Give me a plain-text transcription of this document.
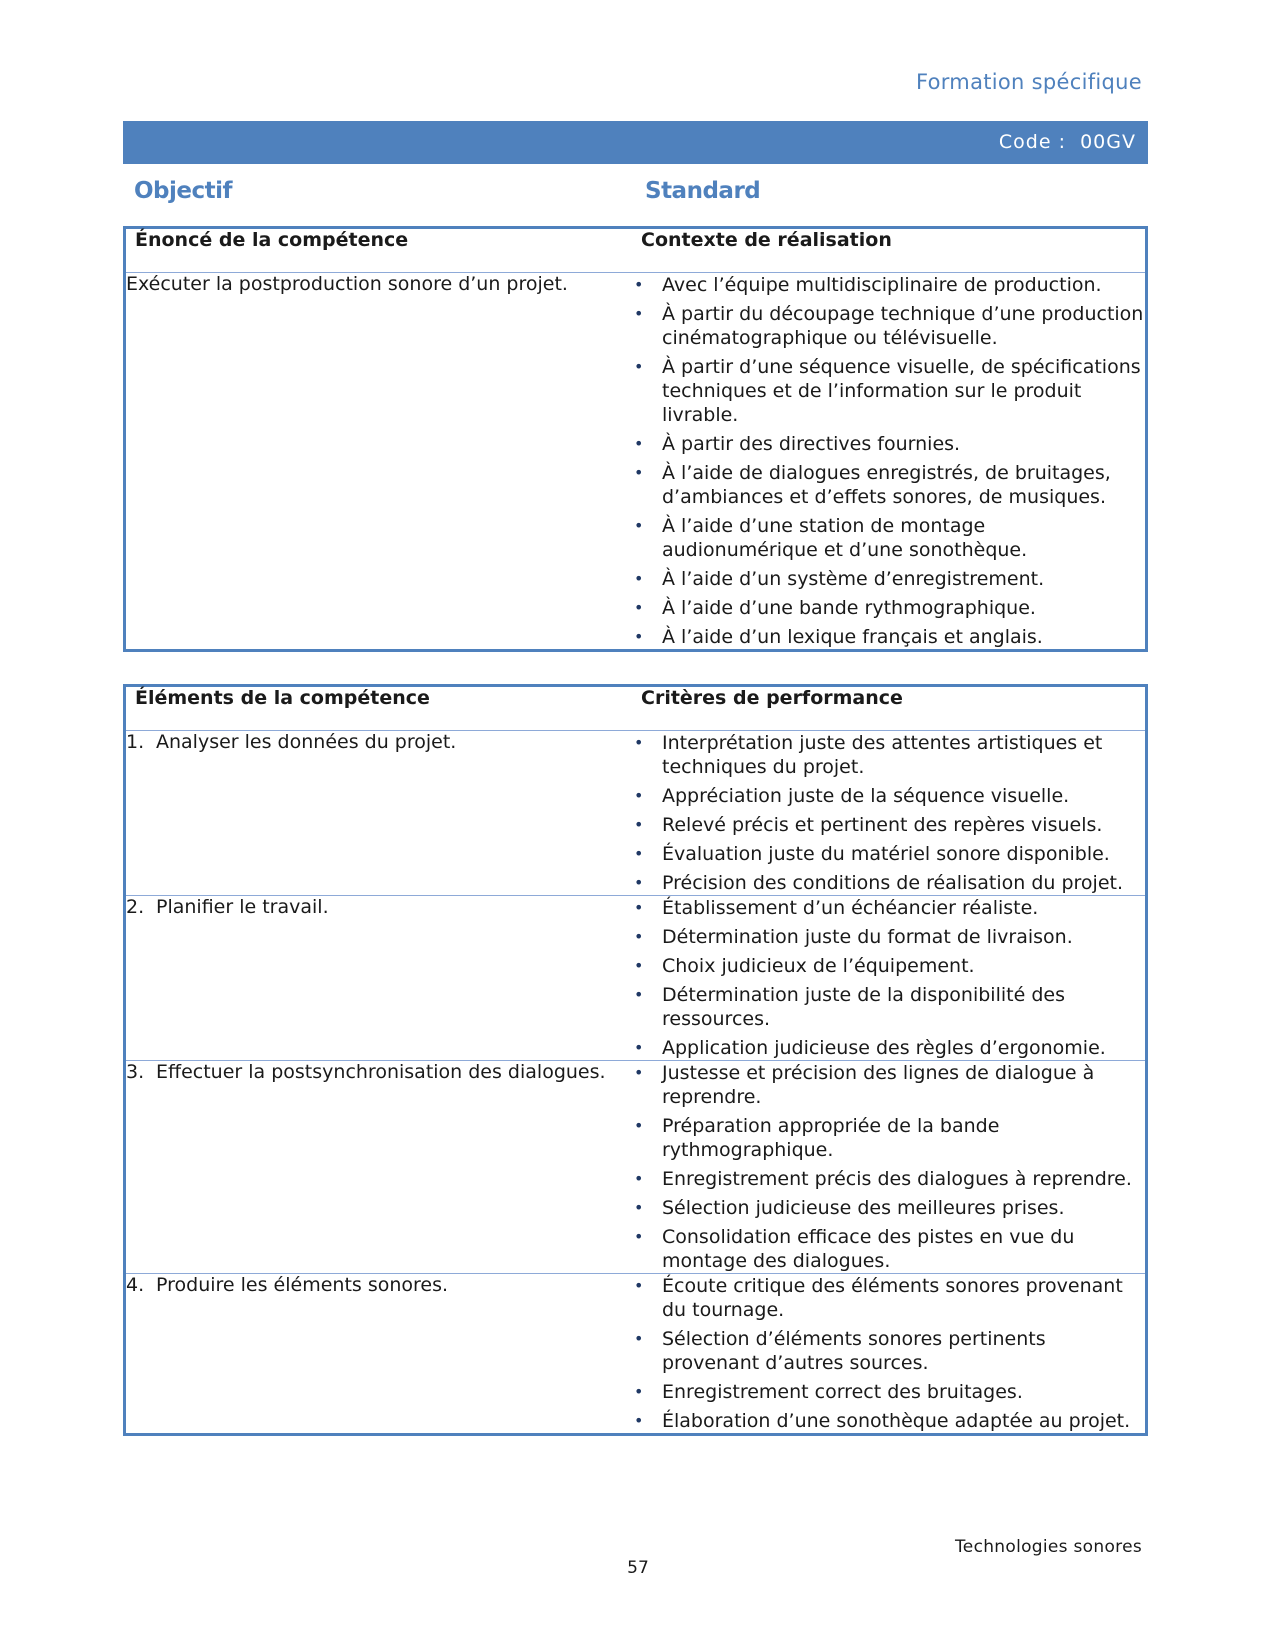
Formation spécifique
Code : 00GV
Objectif	Standard
Énoncé de la compétence	Contexte de réalisation
Exécuter la postproduction sonore d’un projet.	• Avec l’équipe multidisciplinaire de production.
• À partir du découpage technique d’une production cinématographique ou télévisuelle.
• À partir d’une séquence visuelle, de spécifications techniques et de l’information sur le produit livrable.
• À partir des directives fournies.
• À l’aide de dialogues enregistrés, de bruitages, d’ambiances et d’effets sonores, de musiques.
• À l’aide d’une station de montage audionumérique et d’une sonothèque.
• À l’aide d’un système d’enregistrement.
• À l’aide d’une bande rythmographique.
• À l’aide d’un lexique français et anglais.
Éléments de la compétence	Critères de performance
1. Analyser les données du projet.	• Interprétation juste des attentes artistiques et techniques du projet.
• Appréciation juste de la séquence visuelle.
• Relevé précis et pertinent des repères visuels.
• Évaluation juste du matériel sonore disponible.
• Précision des conditions de réalisation du projet.

2. Planifier le travail.	• Établissement d’un échéancier réaliste.
• Détermination juste du format de livraison.
• Choix judicieux de l’équipement.
• Détermination juste de la disponibilité des ressources.
• Application judicieuse des règles d’ergonomie.

3. Effectuer la postsynchronisation des dialogues.	• Justesse et précision des lignes de dialogue à reprendre.
• Préparation appropriée de la bande rythmographique.
• Enregistrement précis des dialogues à reprendre.
• Sélection judicieuse des meilleures prises.
• Consolidation efficace des pistes en vue du montage des dialogues.

4. Produire les éléments sonores.	• Écoute critique des éléments sonores provenant du tournage.
• Sélection d’éléments sonores pertinents provenant d’autres sources.
• Enregistrement correct des bruitages.
• Élaboration d’une sonothèque adaptée au projet.
Technologies sonores
57
